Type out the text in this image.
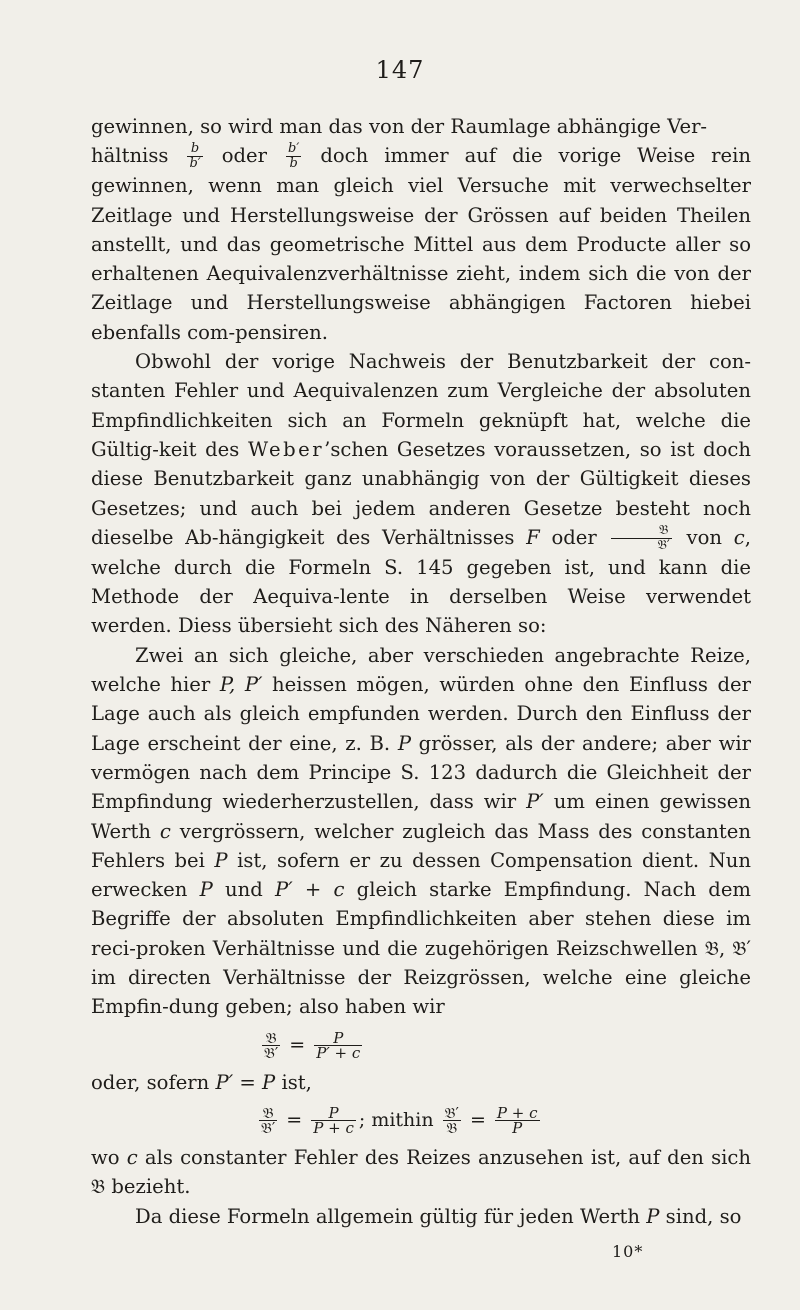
147

gewinnen, so wird man das von der Raumlage abhängige Ver-
hältniss $\frac{b}{b'}$ oder $\frac{b'}{b}$ doch immer auf die vorige Weise rein gewinnen, wenn man gleich viel Versuche mit verwechselter Zeitlage und Herstellungsweise der Grössen auf beiden Theilen anstellt, und das geometrische Mittel aus dem Producte aller so erhaltenen Aequivalenzverhältnisse zieht, indem sich die von der Zeitlage und Herstellungsweise abhängigen Factoren hiebei ebenfalls com-pensiren.

Obwohl der vorige Nachweis der Benutzbarkeit der con-stanten Fehler und Aequivalenzen zum Vergleiche der absoluten Empfindlichkeiten sich an Formeln geknüpft hat, welche die Gültig-keit des Weber’schen Gesetzes voraussetzen, so ist doch diese Benutzbarkeit ganz unabhängig von der Gültigkeit dieses Gesetzes; und auch bei jedem anderen Gesetze besteht noch dieselbe Ab-hängigkeit des Verhältnisses F oder $\frac{\text{𝔅}}{\text{𝔅′}}$ von c, welche durch die Formeln S. 145 gegeben ist, und kann die Methode der Aequiva-lente in derselben Weise verwendet werden. Diess übersieht sich des Näheren so:

Zwei an sich gleiche, aber verschieden angebrachte Reize, welche hier P, P′ heissen mögen, würden ohne den Einfluss der Lage auch als gleich empfunden werden. Durch den Einfluss der Lage erscheint der eine, z. B. P grösser, als der andere; aber wir vermögen nach dem Principe S. 123 dadurch die Gleichheit der Empfindung wiederherzustellen, dass wir P′ um einen gewissen Werth c vergrössern, welcher zugleich das Mass des constanten Fehlers bei P ist, sofern er zu dessen Compensation dient. Nun erwecken P und P′ + c gleich starke Empfindung. Nach dem Begriffe der absoluten Empfindlichkeiten aber stehen diese im reci-proken Verhältnisse und die zugehörigen Reizschwellen 𝔅, 𝔅′ im directen Verhältnisse der Reizgrössen, welche eine gleiche Empfin-dung geben; also haben wir

$\frac{\text{𝔅}}{\text{𝔅′}} = \frac{P}{P' + c}$

oder, sofern P′ = P ist,

$\frac{\text{𝔅}}{\text{𝔅′}} = \frac{P}{P + c}$ ; mithin $\frac{\text{𝔅′}}{\text{𝔅}} = \frac{P + c}{P}$

wo c als constanter Fehler des Reizes anzusehen ist, auf den sich 𝔅 bezieht.

Da diese Formeln allgemein gültig für jeden Werth P sind, so

10*
